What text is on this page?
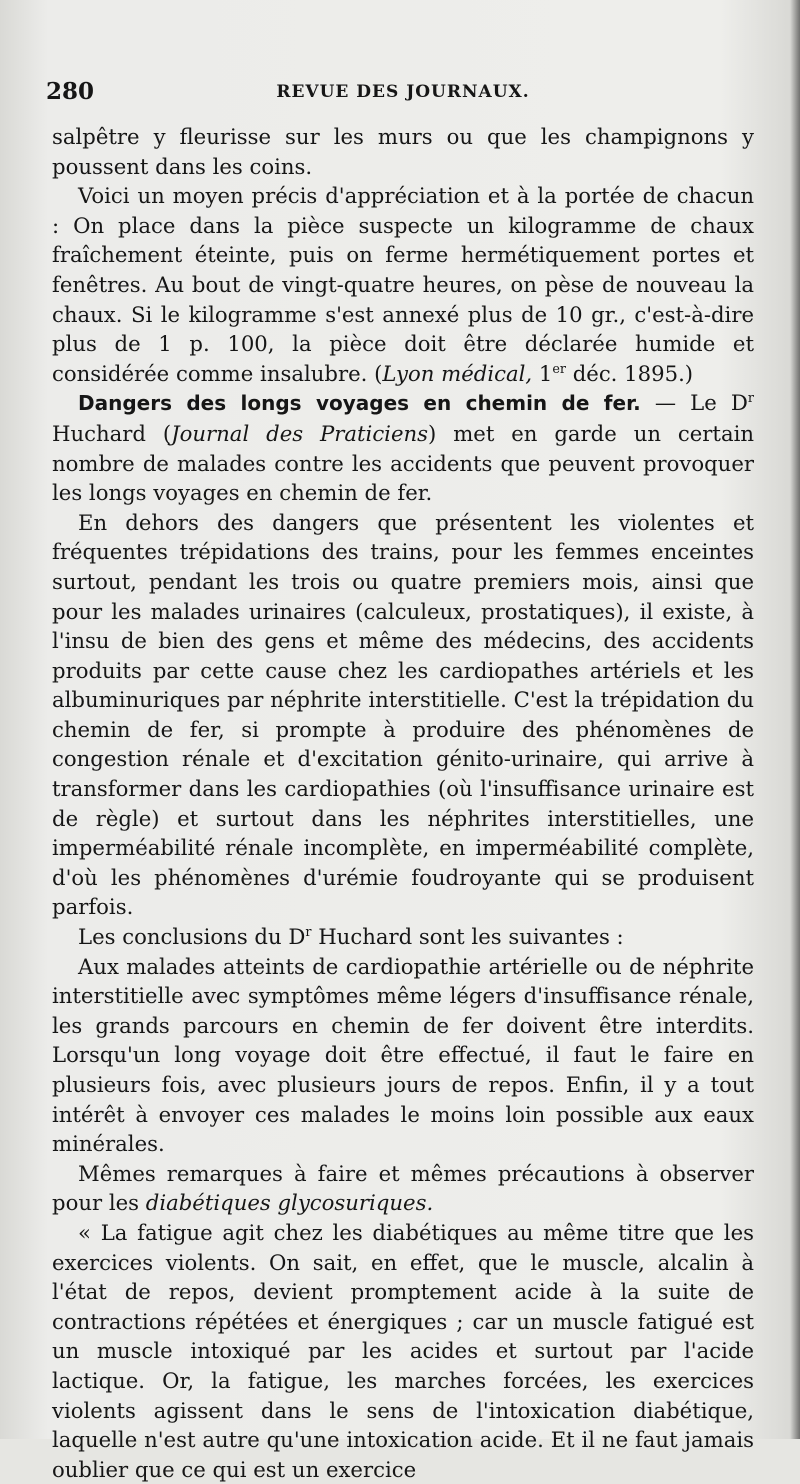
280	REVUE DES JOURNAUX.

salpêtre y fleurisse sur les murs ou que les champignons y poussent dans les coins.

Voici un moyen précis d'appréciation et à la portée de chacun : On place dans la pièce suspecte un kilogramme de chaux fraîchement éteinte, puis on ferme hermétiquement portes et fenêtres. Au bout de vingt-quatre heures, on pèse de nouveau la chaux. Si le kilogramme s'est annexé plus de 10 gr., c'est-à-dire plus de 1 p. 100, la pièce doit être déclarée humide et considérée comme insalubre. (Lyon médical, 1er déc. 1895.)

Dangers des longs voyages en chemin de fer. — Le $D^r$ Huchard (Journal des Praticiens) met en garde un certain nombre de malades contre les accidents que peuvent provoquer les longs voyages en chemin de fer.

En dehors des dangers que présentent les violentes et fréquentes trépidations des trains, pour les femmes enceintes surtout, pendant les trois ou quatre premiers mois, ainsi que pour les malades urinaires (calculeux, prostatiques), il existe, à l'insu de bien des gens et même des médecins, des accidents produits par cette cause chez les cardiopathes artériels et les albuminuriques par néphrite interstitielle. C'est la trépidation du chemin de fer, si prompte à produire des phénomènes de congestion rénale et d'excitation génito-urinaire, qui arrive à transformer dans les cardiopathies (où l'insuffisance urinaire est de règle) et surtout dans les néphrites interstitielles, une imperméabilité rénale incomplète, en imperméabilité complète, d'où les phénomènes d'urémie foudroyante qui se produisent parfois.

Les conclusions du $D^r$ Huchard sont les suivantes :

Aux malades atteints de cardiopathie artérielle ou de néphrite interstitielle avec symptômes même légers d'insuffisance rénale, les grands parcours en chemin de fer doivent être interdits. Lorsqu'un long voyage doit être effectué, il faut le faire en plusieurs fois, avec plusieurs jours de repos. Enfin, il y a tout intérêt à envoyer ces malades le moins loin possible aux eaux minérales.

Mêmes remarques à faire et mêmes précautions à observer pour les diabétiques glycosuriques.

« La fatigue agit chez les diabétiques au même titre que les exercices violents. On sait, en effet, que le muscle, alcalin à l'état de repos, devient promptement acide à la suite de contractions répétées et énergiques ; car un muscle fatigué est un muscle intoxiqué par les acides et surtout par l'acide lactique. Or, la fatigue, les marches forcées, les exercices violents agissent dans le sens de l'intoxication diabétique, laquelle n'est autre qu'une intoxication acide. Et il ne faut jamais oublier que ce qui est un exercice
